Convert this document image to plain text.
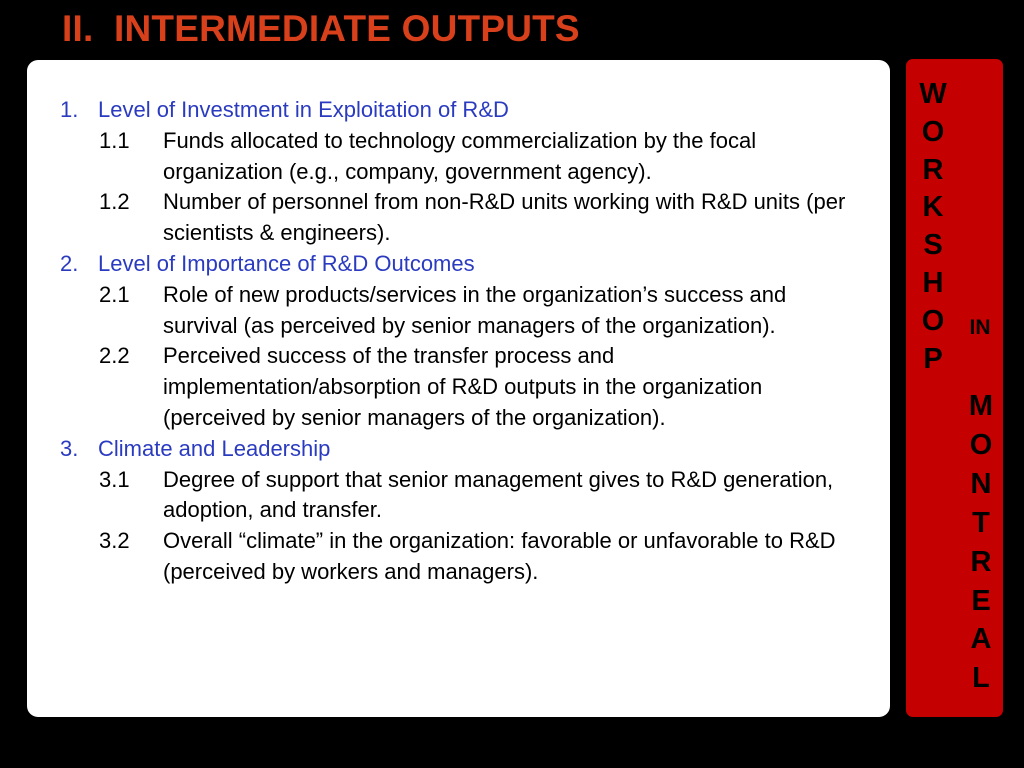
II. INTERMEDIATE OUTPUTS
1. Level of Investment in Exploitation of R&D
1.1	Funds allocated to technology commercialization by the focal organization (e.g., company, government agency).
1.2	Number of personnel from non-R&D units working with R&D units (per scientists & engineers).
2. Level of Importance of R&D Outcomes
2.1	Role of new products/services in the organization’s success and survival (as perceived by senior managers of the organization).
2.2	Perceived success of the transfer process and implementation/absorption of R&D outputs in the organization (perceived by senior managers of the organization).
3. Climate and Leadership
3.1	Degree of support that senior management gives to R&D generation, adoption, and transfer.
3.2	Overall “climate” in the organization: favorable or unfavorable to R&D (perceived by workers and managers).
W
O
R
K
S
H
O
P
IN
M
O
N
T
R
E
A
L
